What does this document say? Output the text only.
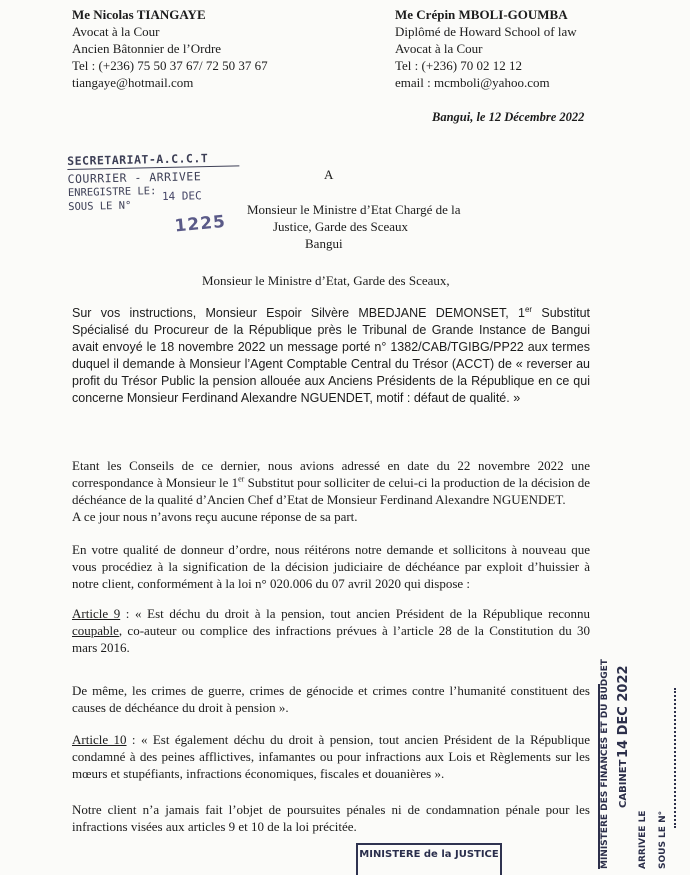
Me Nicolas TIANGAYE
Avocat à la Cour
Ancien Bâtonnier de l’Ordre
Tel : (+236) 75 50 37 67/ 72 50 37 67
tiangaye@hotmail.com
Me Crépin MBOLI-GOUMBA
Diplômé de Howard School of law
Avocat à la Cour
Tel : (+236) 70 02 12 12
email : mcmboli@yahoo.com
Bangui, le 12 Décembre 2022
SECRETARIAT-A.C.C.T
COURRIER - ARRIVEE
ENREGISTRE LE:
SOUS LE N°
14 DEC
1225
A
Monsieur le Ministre d’Etat Chargé de la
Justice, Garde des Sceaux
Bangui
Monsieur le Ministre d’Etat, Garde des Sceaux,
Sur vos instructions, Monsieur Espoir Silvère MBEDJANE DEMONSET, 1er Substitut Spécialisé du Procureur de la République près le Tribunal de Grande Instance de Bangui avait envoyé le 18 novembre 2022 un message porté n° 1382/CAB/TGIBG/PP22 aux termes duquel il demande à Monsieur l’Agent Comptable Central du Trésor (ACCT) de « reverser au profit du Trésor Public la pension allouée aux Anciens Présidents de la République en ce qui concerne Monsieur Ferdinand Alexandre NGUENDET, motif : défaut de qualité. »
Etant les Conseils de ce dernier, nous avions adressé en date du 22 novembre 2022 une correspondance à Monsieur le 1er Substitut pour solliciter de celui-ci la production de la décision de déchéance de la qualité d’Ancien Chef d’Etat de Monsieur Ferdinand Alexandre NGUENDET.
A ce jour nous n’avons reçu aucune réponse de sa part.
En votre qualité de donneur d’ordre, nous réitérons notre demande et sollicitons à nouveau que vous procédiez à la signification de la décision judiciaire de déchéance par exploit d’huissier à notre client, conformément à la loi n° 020.006 du 07 avril 2020 qui dispose :
Article 9 : « Est déchu du droit à la pension, tout ancien Président de la République reconnu coupable, co-auteur ou complice des infractions prévues à l’article 28 de la Constitution du 30 mars 2016.
De même, les crimes de guerre, crimes de génocide et crimes contre l’humanité constituent des causes de déchéance du droit à pension ».
Article 10 : « Est également déchu du droit à pension, tout ancien Président de la République condamné à des peines afflictives, infamantes ou pour infractions aux Lois et Règlements sur les mœurs et stupéfiants, infractions économiques, fiscales et douanières ».
Notre client n’a jamais fait l’objet de poursuites pénales ni de condamnation pénale pour les infractions visées aux articles 9 et 10 de la loi précitée.	MINISTERE DES FINANCES ET DU BUDGET CABINET
14 DEC 2022
ARRIVEE LE SOUS LE N°
MINISTERE de la JUSTICE
